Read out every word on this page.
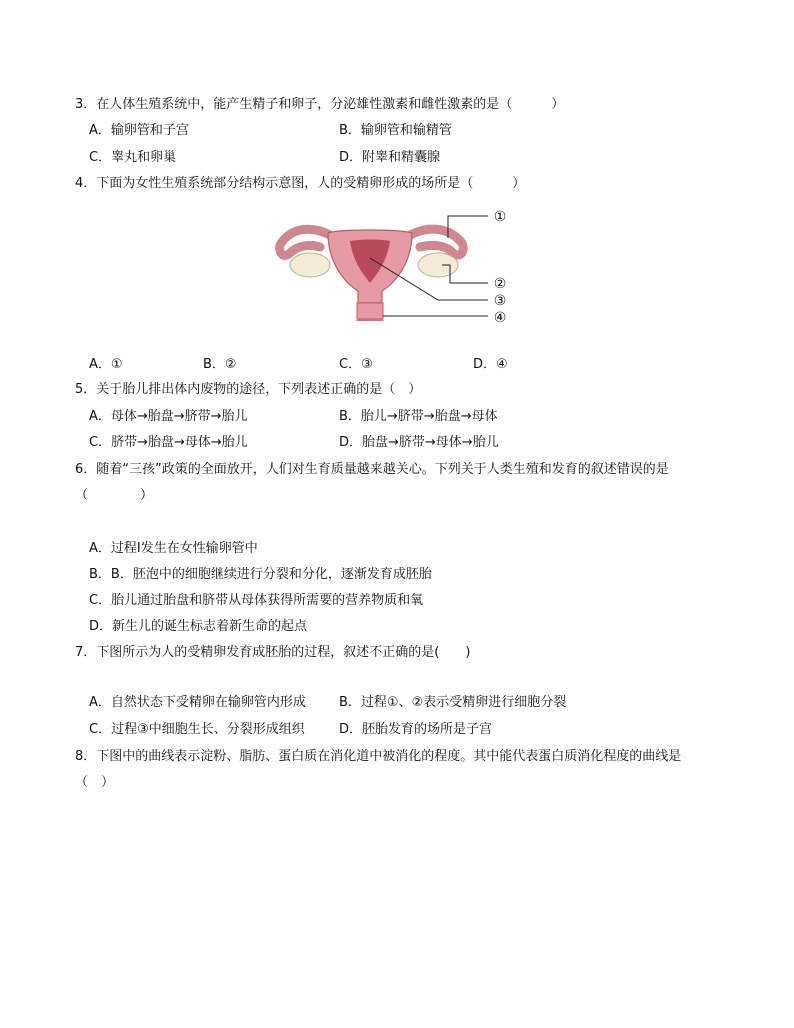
3．在人体生殖系统中，能产生精子和卵子，分泌雄性激素和雌性激素的是（　　　）
A．输卵管和子宫	B．输卵管和输精管
C．睾丸和卵巢	D．附睾和精囊腺
4．下面为女性生殖系统部分结构示意图，人的受精卵形成的场所是（　　　）
①
②
③
④
A．①	B．②	C．③	D．④
5．关于胎儿排出体内废物的途径，下列表述正确的是（　）
A．母体→胎盘→脐带→胎儿	B．胎儿→脐带→胎盘→母体
C．脐带→胎盘→母体→胎儿	D．胎盘→脐带→母体→胎儿
6．随着“三孩”政策的全面放开，人们对生育质量越来越关心。下列关于人类生殖和发育的叙述错误的是
（　　　　）
A．过程I发生在女性输卵管中
B．B．胚泡中的细胞继续进行分裂和分化，逐渐发育成胚胎
C．胎儿通过胎盘和脐带从母体获得所需要的营养物质和氧
D．新生儿的诞生标志着新生命的起点
7．下图所示为人的受精卵发育成胚胎的过程，叙述不正确的是(　　)
A．自然状态下受精卵在输卵管内形成	B．过程①、②表示受精卵进行细胞分裂
C．过程③中细胞生长、分裂形成组织	D．胚胎发育的场所是子宫
8．下图中的曲线表示淀粉、脂肪、蛋白质在消化道中被消化的程度。其中能代表蛋白质消化程度的曲线是
（　）
